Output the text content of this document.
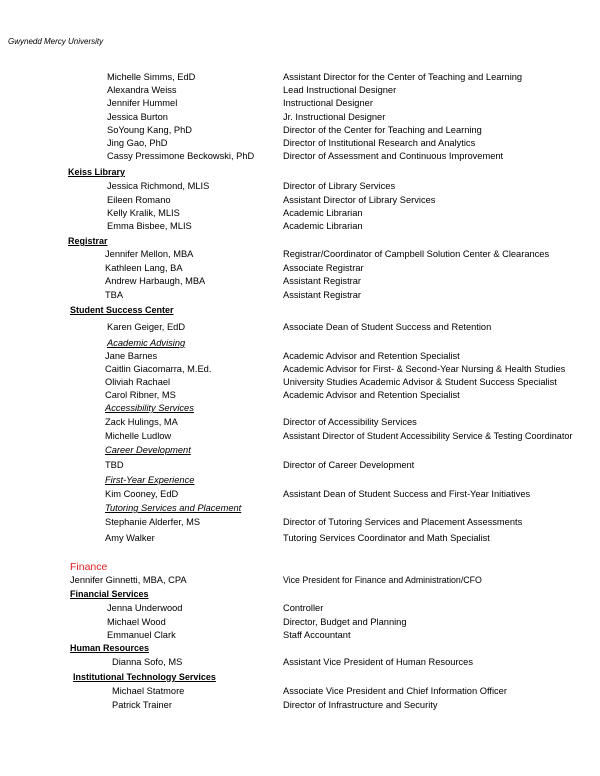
Gwynedd Mercy University
Michelle Simms, EdD	Assistant Director for the Center of Teaching and Learning
Alexandra Weiss	Lead Instructional Designer
Jennifer Hummel	Instructional Designer
Jessica Burton	Jr. Instructional Designer
SoYoung Kang, PhD	Director of the Center for Teaching and Learning
Jing Gao, PhD	Director of Institutional Research and Analytics
Cassy Pressimone Beckowski, PhD	Director of Assessment and Continuous Improvement
Keiss Library
Jessica Richmond, MLIS	Director of Library Services
Eileen Romano	Assistant Director of Library Services
Kelly Kralik, MLIS	Academic Librarian
Emma Bisbee, MLIS	Academic Librarian
Registrar
Jennifer Mellon, MBA	Registrar/Coordinator of Campbell Solution Center & Clearances
Kathleen Lang, BA	Associate Registrar
Andrew Harbaugh, MBA	Assistant Registrar
TBA	Assistant Registrar
Student Success Center
Karen Geiger, EdD	Associate Dean of Student Success and Retention
Academic Advising
Jane Barnes	Academic Advisor and Retention Specialist
Caitlin Giacomarra, M.Ed.	Academic Advisor for First- & Second-Year Nursing & Health Studies
Oliviah Rachael	University Studies Academic Advisor & Student Success Specialist
Carol Ribner, MS	Academic Advisor and Retention Specialist
Accessibility Services
Zack Hulings, MA	Director of Accessibility Services
Michelle Ludlow	Assistant Director of Student Accessibility Service & Testing Coordinator
Career Development
TBD	Director of Career Development
First-Year Experience
Kim Cooney, EdD	Assistant Dean of Student Success and First-Year Initiatives
Tutoring Services and Placement
Stephanie Alderfer, MS	Director of Tutoring Services and Placement Assessments
Amy Walker	Tutoring Services Coordinator and Math Specialist
Finance
Jennifer Ginnetti, MBA, CPA	Vice President for Finance and Administration/CFO
Financial Services
Jenna Underwood	Controller
Michael Wood	Director, Budget and Planning
Emmanuel Clark	Staff Accountant
Human Resources
Dianna Sofo, MS	Assistant Vice President of Human Resources
Institutional Technology Services
Michael Statmore	Associate Vice President and Chief Information Officer
Patrick Trainer	Director of Infrastructure and Security
